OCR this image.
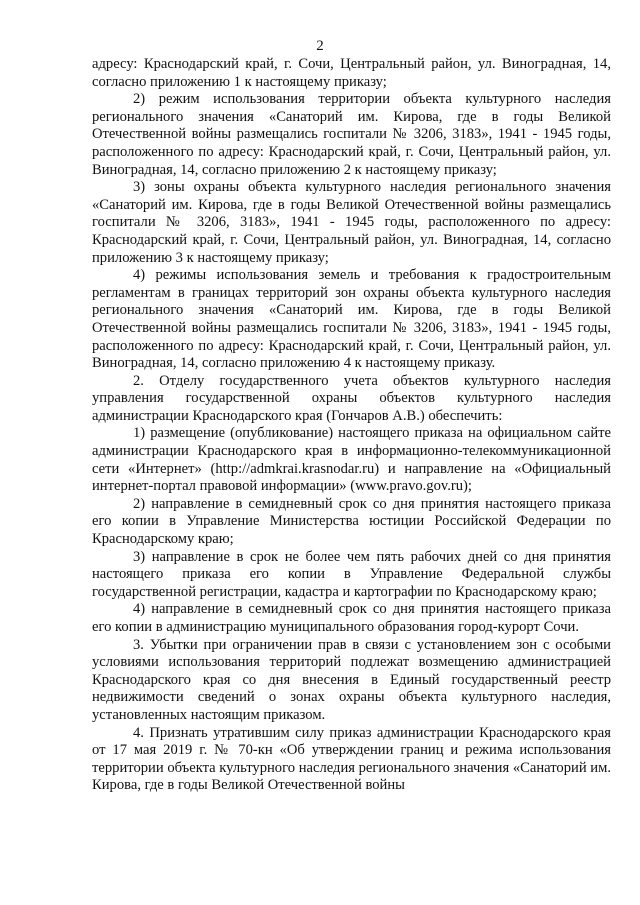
2

адресу: Краснодарский край, г. Сочи, Центральный район, ул. Виноградная, 14, согласно приложению 1 к настоящему приказу;

2) режим использования территории объекта культурного наследия регионального значения «Санаторий им. Кирова, где в годы Великой Отечественной войны размещались госпитали № 3206, 3183», 1941 - 1945 годы, расположенного по адресу: Краснодарский край, г. Сочи, Центральный район, ул. Виноградная, 14, согласно приложению 2 к настоящему приказу;

3) зоны охраны объекта культурного наследия регионального значения «Санаторий им. Кирова, где в годы Великой Отечественной войны размещались госпитали № 3206, 3183», 1941 - 1945 годы, расположенного по адресу: Краснодарский край, г. Сочи, Центральный район, ул. Виноградная, 14, согласно приложению 3 к настоящему приказу;

4) режимы использования земель и требования к градостроительным регламентам в границах территорий зон охраны объекта культурного наследия регионального значения «Санаторий им. Кирова, где в годы Великой Отечественной войны размещались госпитали № 3206, 3183», 1941 - 1945 годы, расположенного по адресу: Краснодарский край, г. Сочи, Центральный район, ул. Виноградная, 14, согласно приложению 4 к настоящему приказу.

2. Отделу государственного учета объектов культурного наследия управления государственной охраны объектов культурного наследия администрации Краснодарского края (Гончаров А.В.) обеспечить:

1) размещение (опубликование) настоящего приказа на официальном сайте администрации Краснодарского края в информационно-телекоммуникационной сети «Интернет» (http://admkrai.krasnodar.ru) и направление на «Официальный интернет-портал правовой информации» (www.pravo.gov.ru);

2) направление в семидневный срок со дня принятия настоящего приказа его копии в Управление Министерства юстиции Российской Федерации по Краснодарскому краю;

3) направление в срок не более чем пять рабочих дней со дня принятия настоящего приказа его копии в Управление Федеральной службы государственной регистрации, кадастра и картографии по Краснодарскому краю;

4) направление в семидневный срок со дня принятия настоящего приказа его копии в администрацию муниципального образования город-курорт Сочи.

3. Убытки при ограничении прав в связи с установлением зон с особыми условиями использования территорий подлежат возмещению администрацией Краснодарского края со дня внесения в Единый государственный реестр недвижимости сведений о зонах охраны объекта культурного наследия, установленных настоящим приказом.

4. Признать утратившим силу приказ администрации Краснодарского края от 17 мая 2019 г. № 70-кн «Об утверждении границ и режима использования территории объекта культурного наследия регионального значения «Санаторий им. Кирова, где в годы Великой Отечественной войны
